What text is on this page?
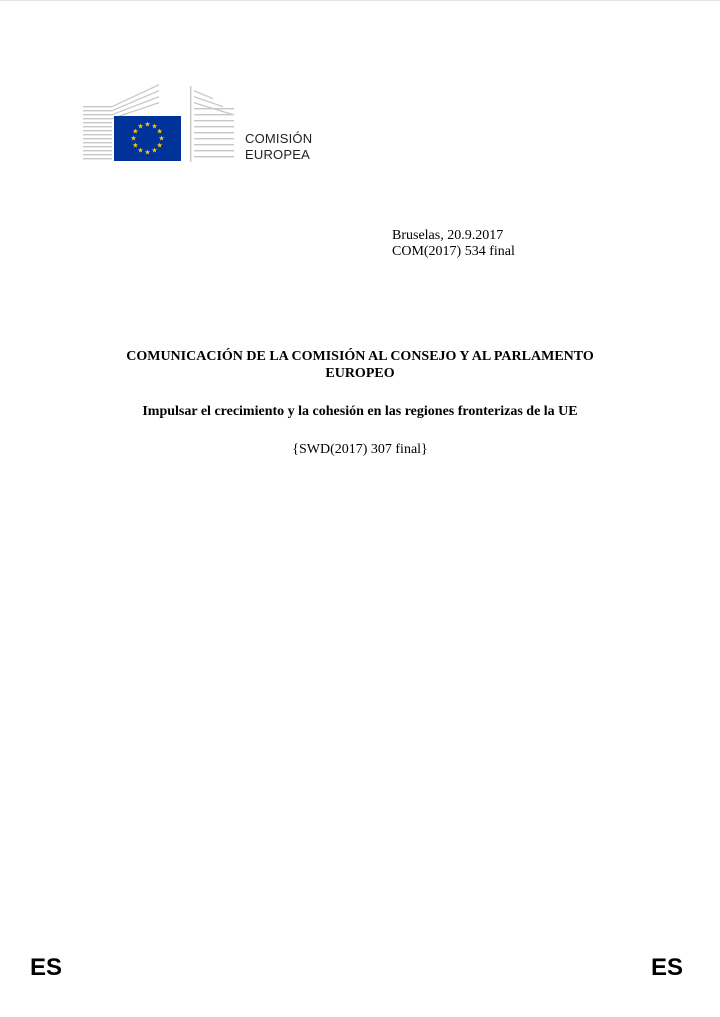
★ ★
★
★
★
★
★
★
★
★
★
★
COMISIÓN
EUROPEA
Bruselas, 20.9.2017
COM(2017) 534 final
COMUNICACIÓN DE LA COMISIÓN AL CONSEJO Y AL PARLAMENTO EUROPEO
Impulsar el crecimiento y la cohesión en las regiones fronterizas de la UE
{SWD(2017) 307 final}
ES	ES
